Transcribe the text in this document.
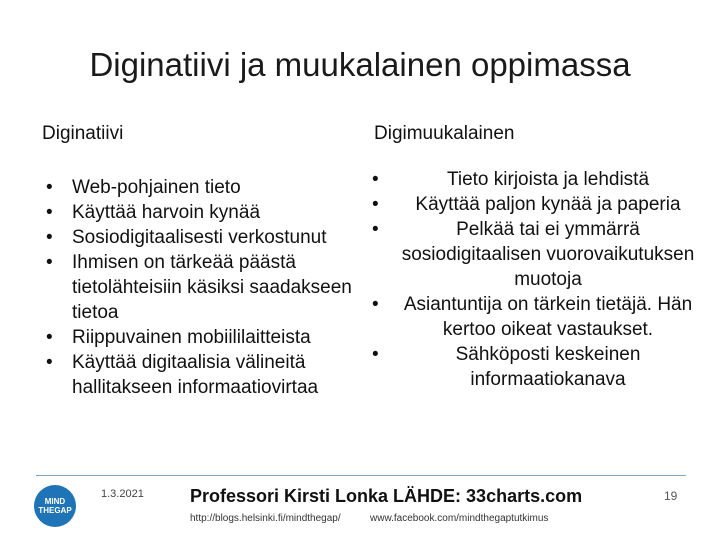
Diginatiivi ja muukalainen oppimassa
Diginatiivi	Digimuukalainen
• Web-pohjainen tieto
• Käyttää harvoin kynää
• Sosiodigitaalisesti verkostunut
• Ihmisen on tärkeää päästä tietolähteisiin käsiksi saadakseen tietoa
• Riippuvainen mobiililaitteista
• Käyttää digitaalisia välineitä hallitakseen informaatiovirtaa
• Tieto kirjoista ja lehdistä
• Käyttää paljon kynää ja paperia
• Pelkää tai ei ymmärrä sosiodigitaalisen vuorovaikutuksen muotoja
• Asiantuntija on tärkein tietäjä. Hän kertoo oikeat vastaukset.
• Sähköposti keskeinen informaatiokanava
MIND
THEGAP
1.3.2021	Professori Kirsti Lonka LÄHDE: 33charts.com
http://blogs.helsinki.fi/mindthegap/	www.facebook.com/mindthegaptutkimus
19
